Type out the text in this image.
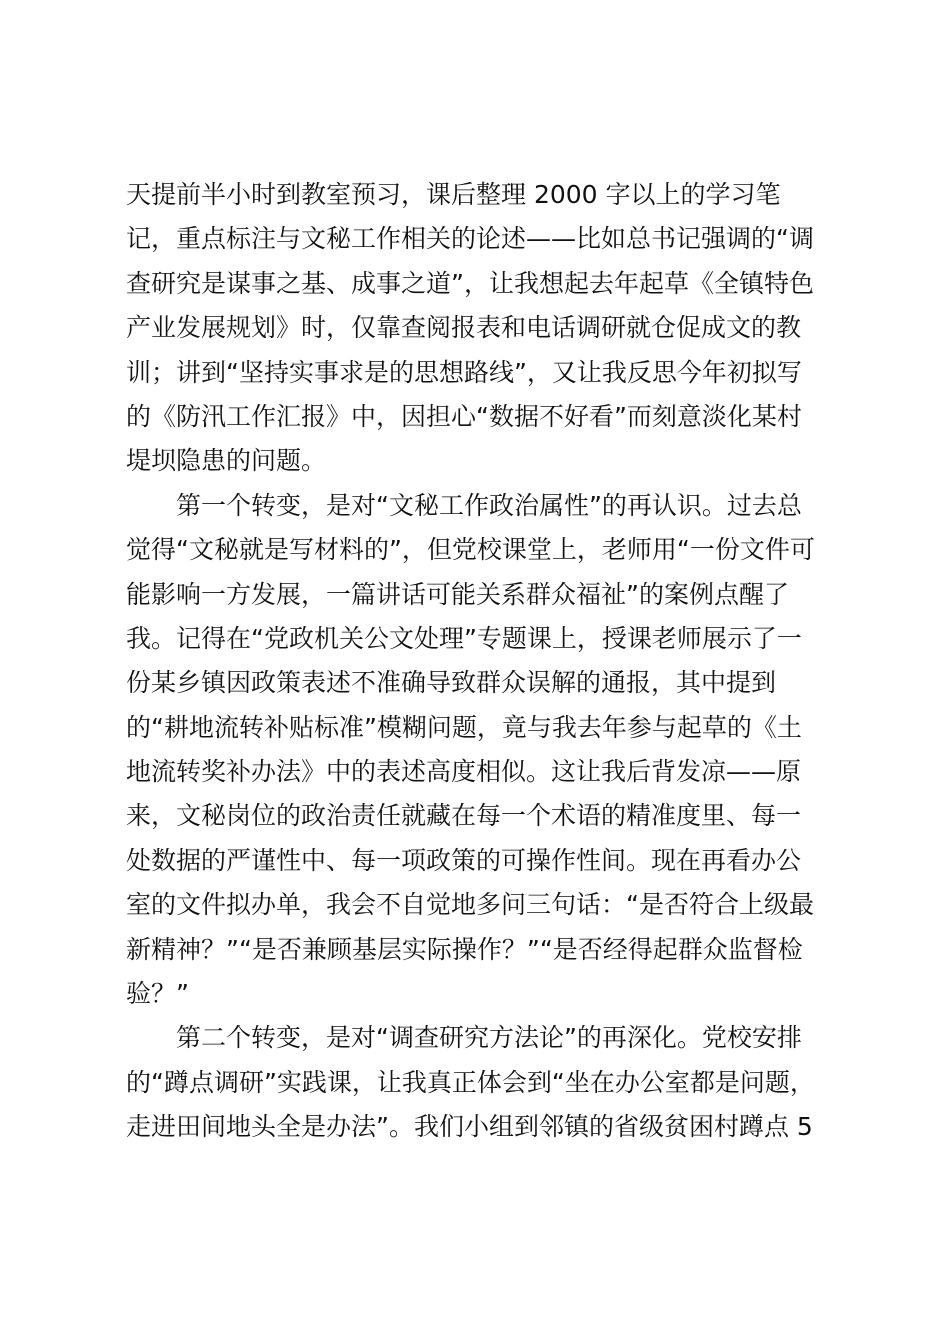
天提前半小时到教室预习，课后整理 2000 字以上的学习笔
记，重点标注与文秘工作相关的论述——比如总书记强调的“调
查研究是谋事之基、成事之道”，让我想起去年起草《全镇特色
产业发展规划》时，仅靠查阅报表和电话调研就仓促成文的教
训；讲到“坚持实事求是的思想路线”，又让我反思今年初拟写
的《防汛工作汇报》中，因担心“数据不好看”而刻意淡化某村
堤坝隐患的问题。
第一个转变，是对“文秘工作政治属性”的再认识。过去总
觉得“文秘就是写材料的”，但党校课堂上，老师用“一份文件可
能影响一方发展，一篇讲话可能关系群众福祉”的案例点醒了
我。记得在“党政机关公文处理”专题课上，授课老师展示了一
份某乡镇因政策表述不准确导致群众误解的通报，其中提到
的“耕地流转补贴标准”模糊问题，竟与我去年参与起草的《土
地流转奖补办法》中的表述高度相似。这让我后背发凉——原
来，文秘岗位的政治责任就藏在每一个术语的精准度里、每一
处数据的严谨性中、每一项政策的可操作性间。现在再看办公
室的文件拟办单，我会不自觉地多问三句话：“是否符合上级最
新精神？”“是否兼顾基层实际操作？”“是否经得起群众监督检
验？”
第二个转变，是对“调查研究方法论”的再深化。党校安排
的“蹲点调研”实践课，让我真正体会到“坐在办公室都是问题，
走进田间地头全是办法”。我们小组到邻镇的省级贫困村蹲点 5
